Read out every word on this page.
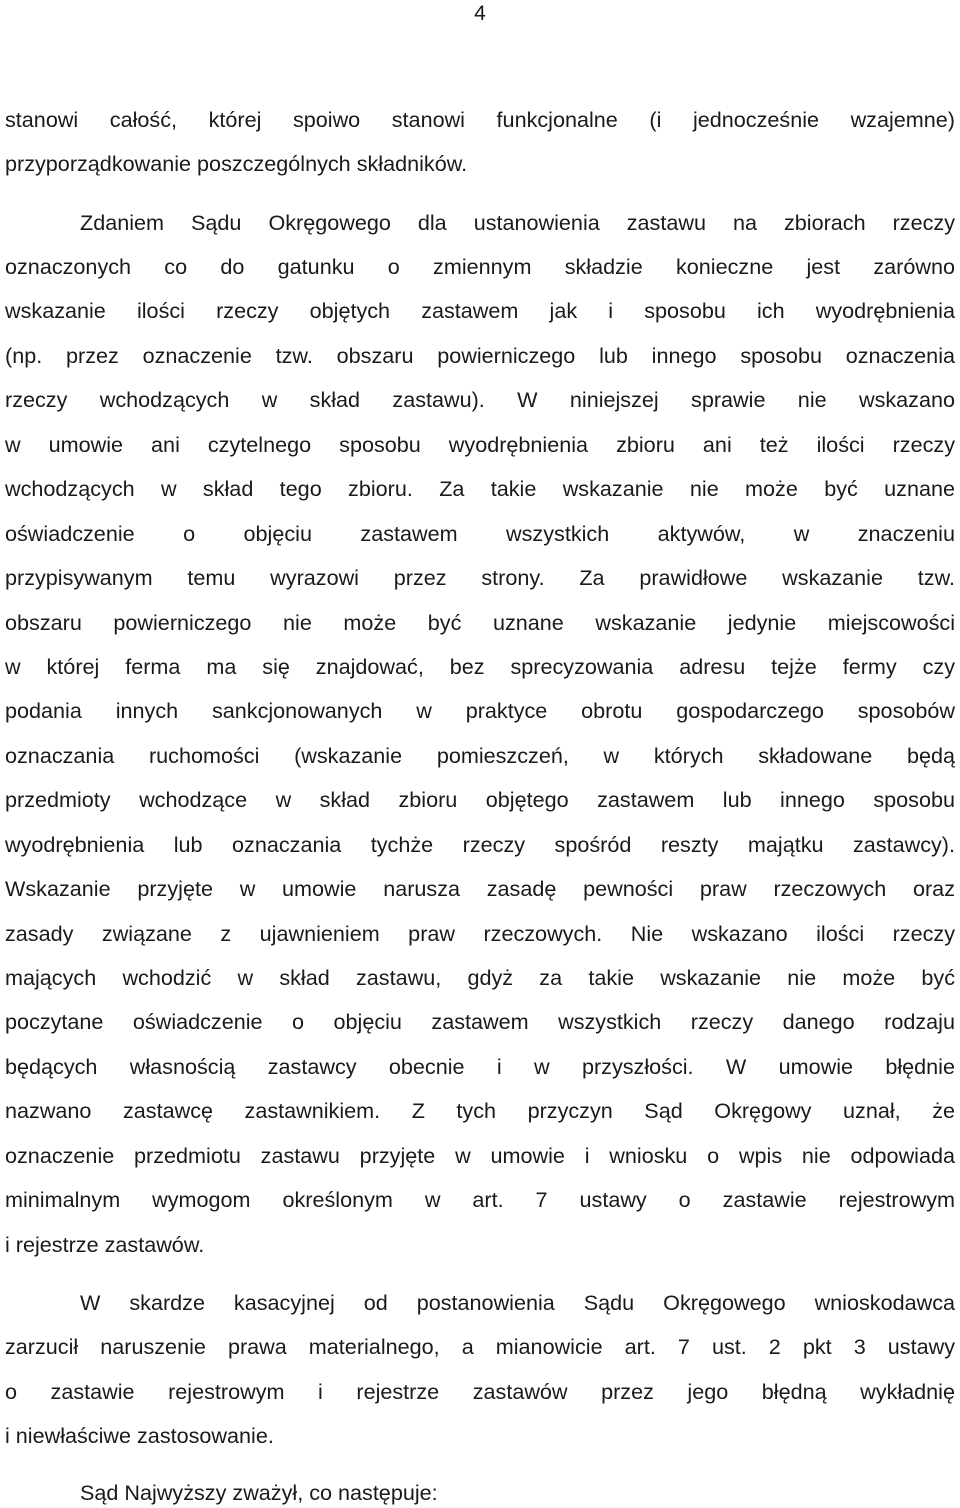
4
stanowi całość, której spoiwo stanowi funkcjonalne (i jednocześnie wzajemne)
przyporządkowanie poszczególnych składników.
Zdaniem Sądu Okręgowego dla ustanowienia zastawu na zbiorach rzeczy
oznaczonych co do gatunku o zmiennym składzie konieczne jest zarówno
wskazanie ilości rzeczy objętych zastawem jak i sposobu ich wyodrębnienia
(np. przez oznaczenie tzw. obszaru powierniczego lub innego sposobu oznaczenia
rzeczy wchodzących w skład zastawu). W niniejszej sprawie nie wskazano
w umowie ani czytelnego sposobu wyodrębnienia zbioru ani też ilości rzeczy
wchodzących w skład tego zbioru. Za takie wskazanie nie może być uznane
oświadczenie o objęciu zastawem wszystkich aktywów, w znaczeniu
przypisywanym temu wyrazowi przez strony. Za prawidłowe wskazanie tzw.
obszaru powierniczego nie może być uznane wskazanie jedynie miejscowości
w której ferma ma się znajdować, bez sprecyzowania adresu tejże fermy czy
podania innych sankcjonowanych w praktyce obrotu gospodarczego sposobów
oznaczania ruchomości (wskazanie pomieszczeń, w których składowane będą
przedmioty wchodzące w skład zbioru objętego zastawem lub innego sposobu
wyodrębnienia lub oznaczania tychże rzeczy spośród reszty majątku zastawcy).
Wskazanie przyjęte w umowie narusza zasadę pewności praw rzeczowych oraz
zasady związane z ujawnieniem praw rzeczowych. Nie wskazano ilości rzeczy
mających wchodzić w skład zastawu, gdyż za takie wskazanie nie może być
poczytane oświadczenie o objęciu zastawem wszystkich rzeczy danego rodzaju
będących własnością zastawcy obecnie i w przyszłości. W umowie błędnie
nazwano zastawcę zastawnikiem. Z tych przyczyn Sąd Okręgowy uznał, że
oznaczenie przedmiotu zastawu przyjęte w umowie i wniosku o wpis nie odpowiada
minimalnym wymogom określonym w art. 7 ustawy o zastawie rejestrowym
i rejestrze zastawów.
W skardze kasacyjnej od postanowienia Sądu Okręgowego wnioskodawca
zarzucił naruszenie prawa materialnego, a mianowicie art. 7 ust. 2 pkt 3 ustawy
o zastawie rejestrowym i rejestrze zastawów przez jego błędną wykładnię
i niewłaściwe zastosowanie.
Sąd Najwyższy zważył, co następuje:
